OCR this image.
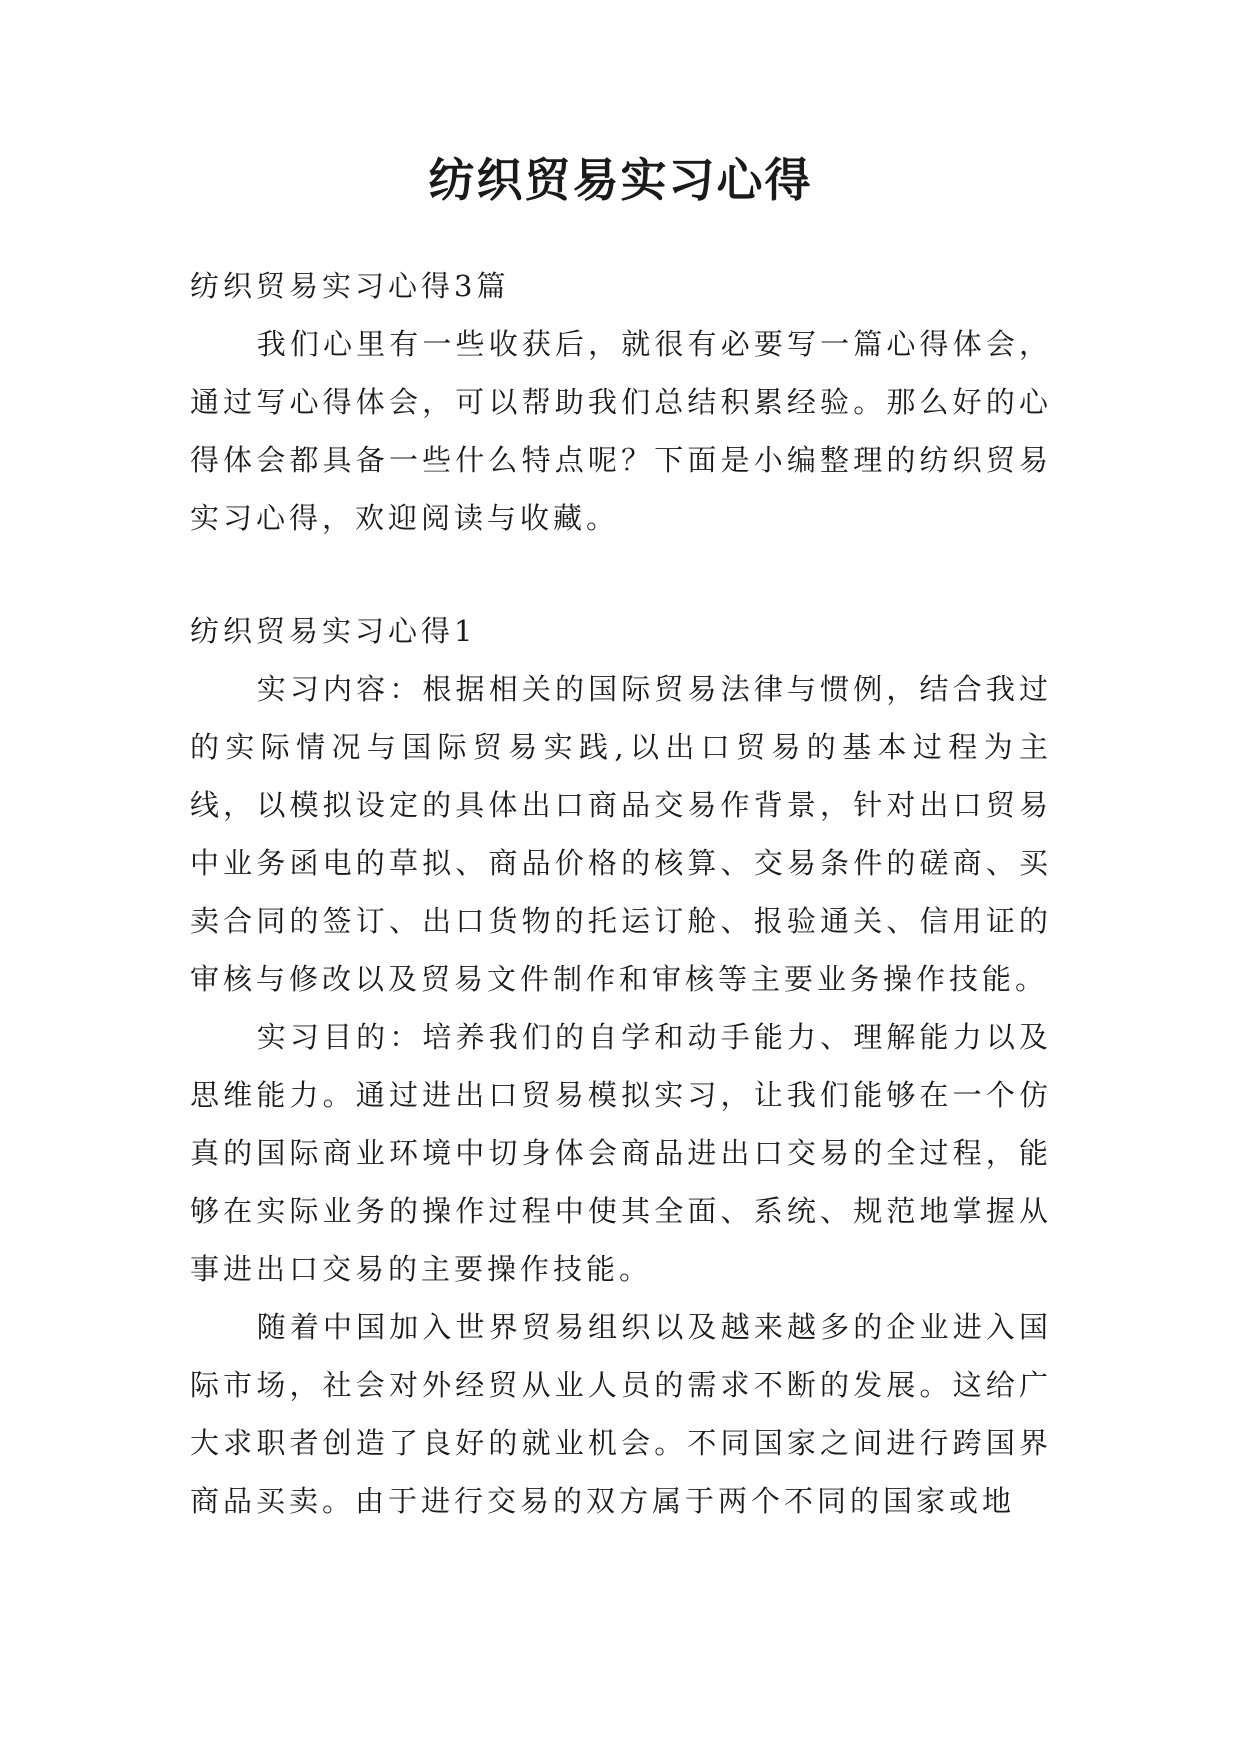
纺织贸易实习心得

纺织贸易实习心得3篇

我们心里有一些收获后，就很有必要写一篇心得体会，通过写心得体会，可以帮助我们总结积累经验。那么好的心得体会都具备一些什么特点呢？下面是小编整理的纺织贸易实习心得，欢迎阅读与收藏。

纺织贸易实习心得1

实习内容：根据相关的国际贸易法律与惯例，结合我过的实际情况与国际贸易实践,以出口贸易的基本过程为主线，以模拟设定的具体出口商品交易作背景，针对出口贸易中业务函电的草拟、商品价格的核算、交易条件的磋商、买卖合同的签订、出口货物的托运订舱、报验通关、信用证的审核与修改以及贸易文件制作和审核等主要业务操作技能。

实习目的：培养我们的自学和动手能力、理解能力以及思维能力。通过进出口贸易模拟实习，让我们能够在一个仿真的国际商业环境中切身体会商品进出口交易的全过程，能够在实际业务的操作过程中使其全面、系统、规范地掌握从事进出口交易的主要操作技能。

随着中国加入世界贸易组织以及越来越多的企业进入国际市场，社会对外经贸从业人员的需求不断的发展。这给广大求职者创造了良好的就业机会。不同国家之间进行跨国界商品买卖。由于进行交易的双方属于两个不同的国家或地
